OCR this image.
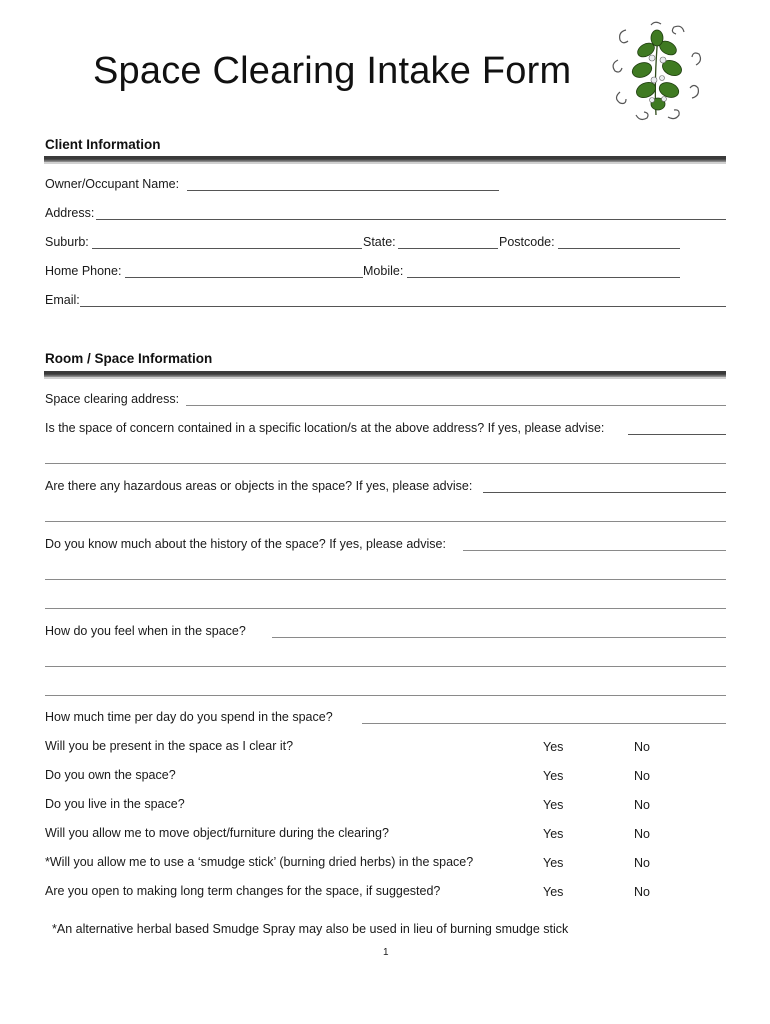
Space Clearing Intake Form
Client Information
Owner/Occupant Name:
Address:
Suburb:	State:	Postcode:
Home Phone:	Mobile:
Email:
Room / Space Information
Space clearing address:
Is the space of concern contained in a specific location/s at the above address? If yes, please advise:
Are there any hazardous areas or objects in the space? If yes, please advise:
Do you know much about the history of the space? If yes, please advise:
How do you feel when in the space?
How much time per day do you spend in the space?
Will you be present in the space as I clear it?	Yes	No
Do you own the space?	Yes	No
Do you live in the space?	Yes	No
Will you allow me to move object/furniture during the clearing?	Yes	No
*Will you allow me to use a ‘smudge stick’ (burning dried herbs) in the space?	Yes	No
Are you open to making long term changes for the space, if suggested?	Yes	No
*An alternative herbal based Smudge Spray may also be used in lieu of burning smudge stick
1
